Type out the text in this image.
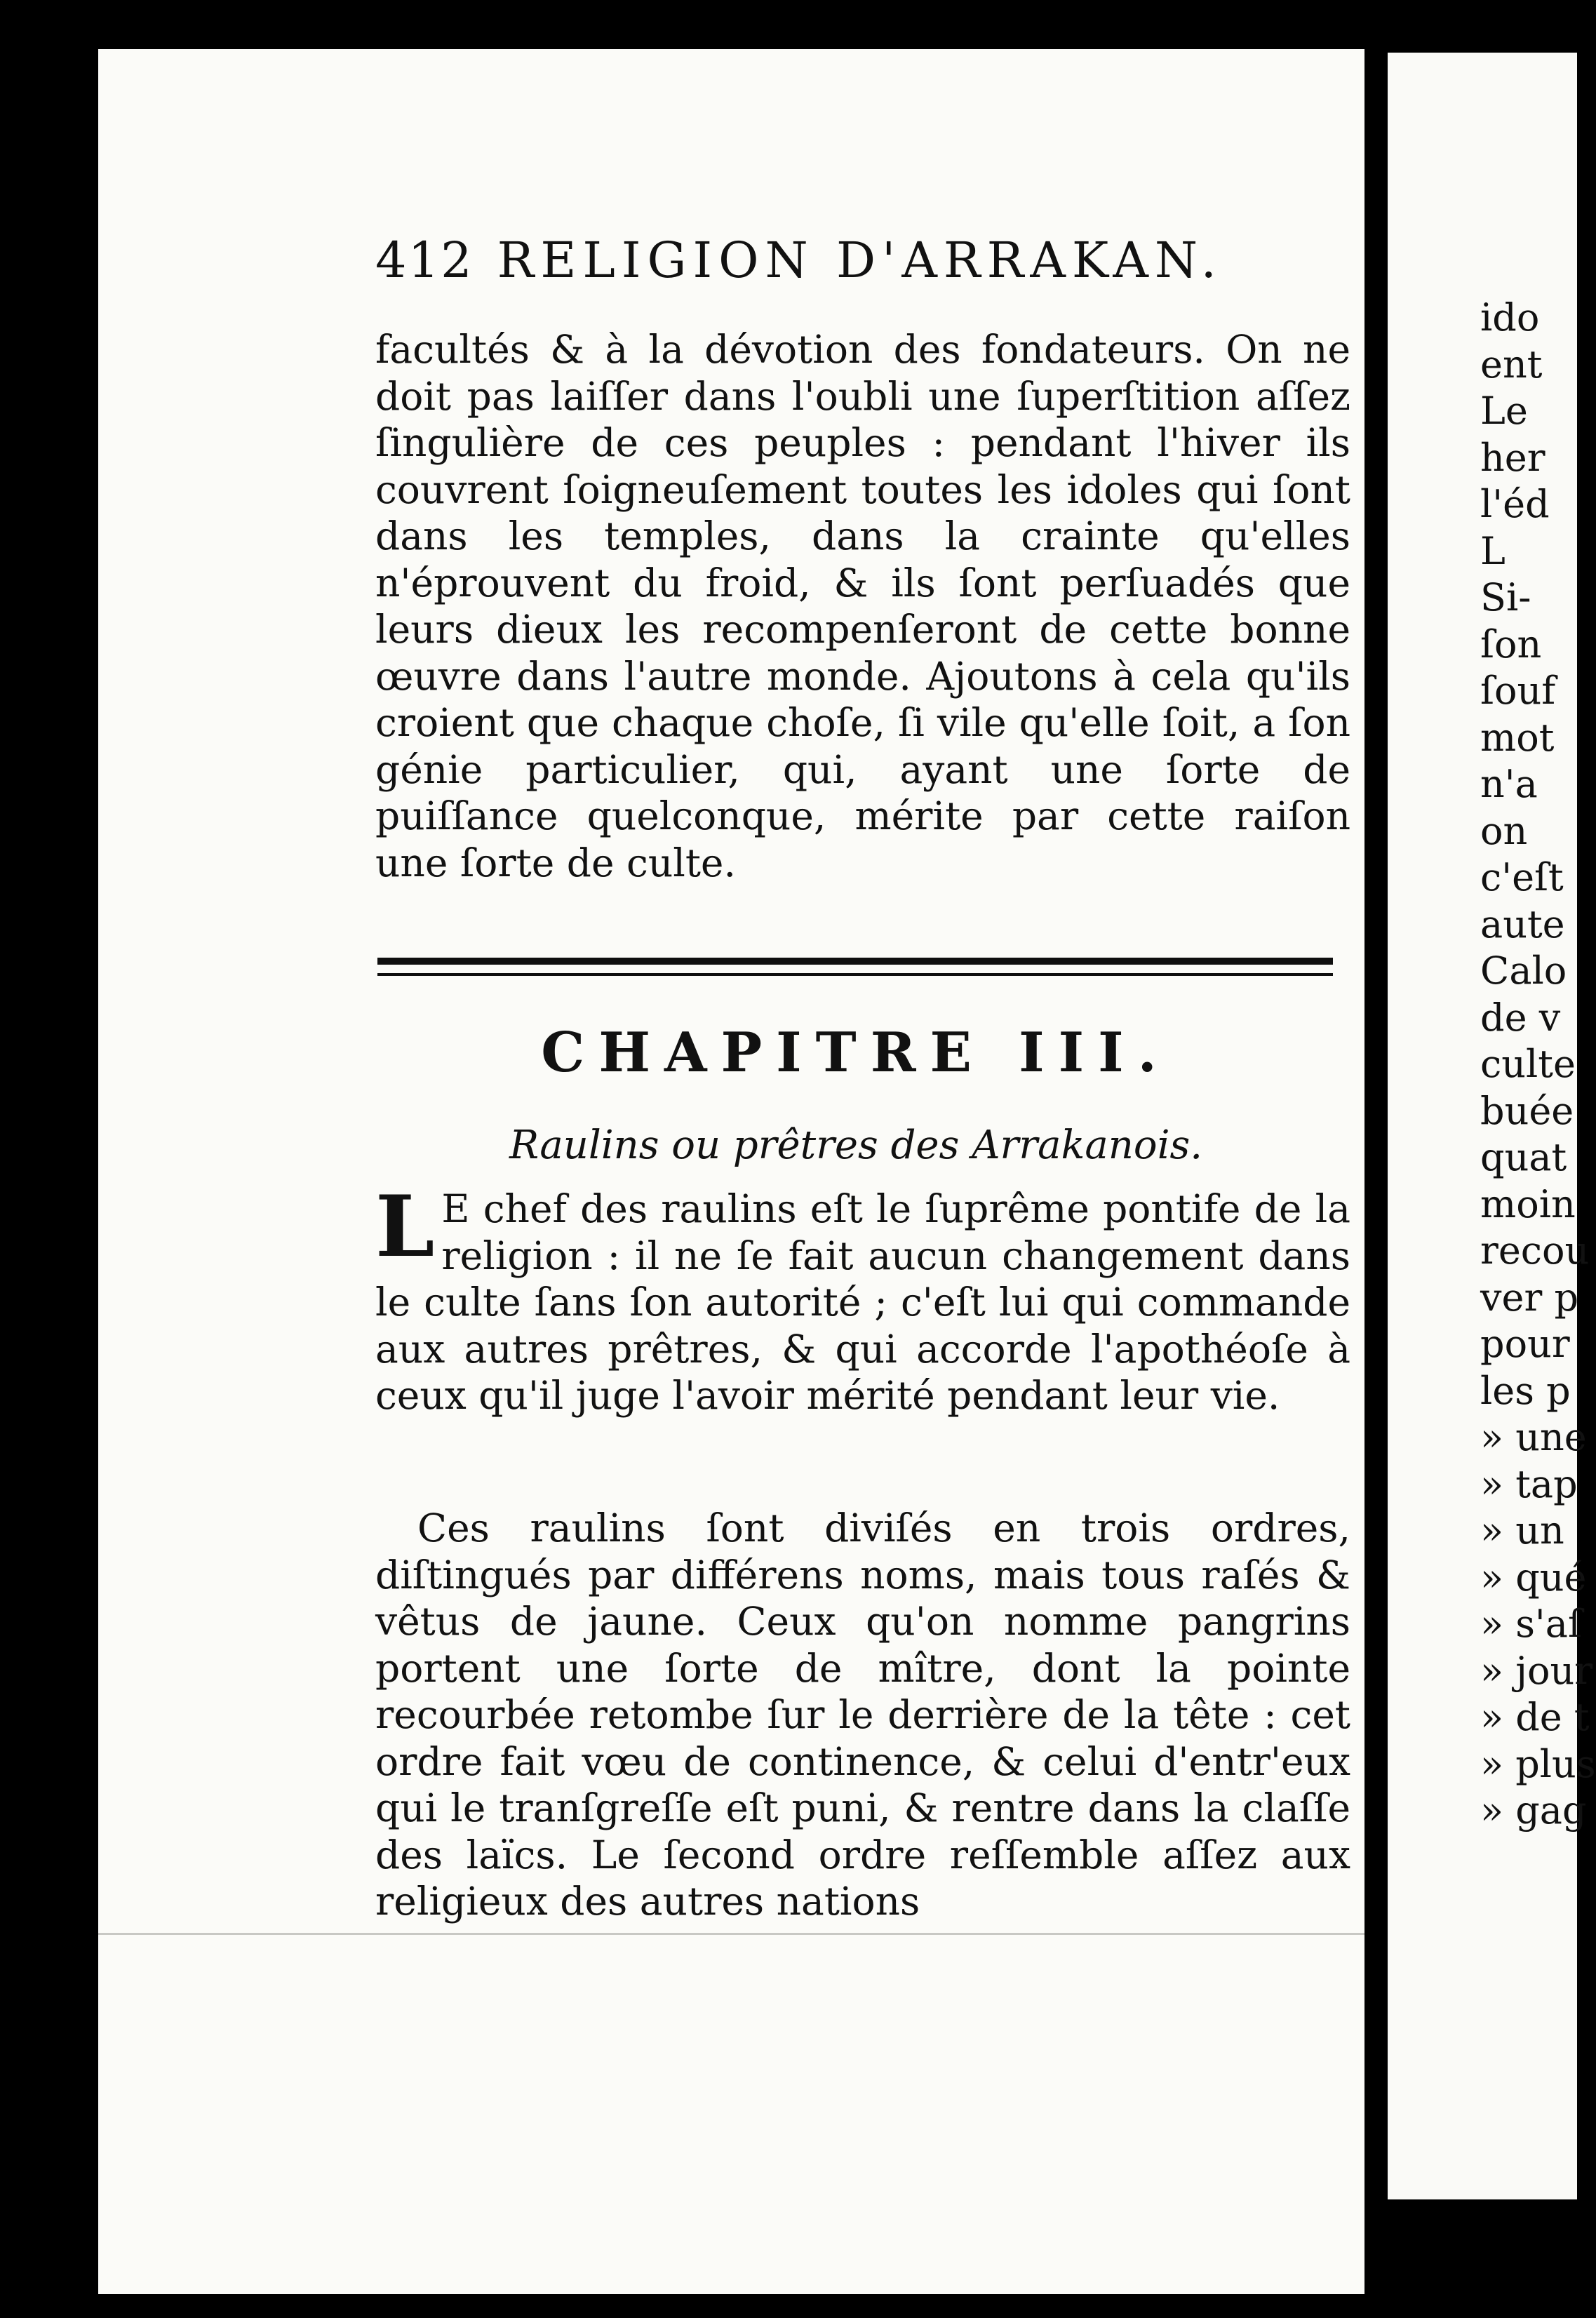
412 RELIGION D'ARRAKAN.

facultés & à la dévotion des fondateurs. On ne doit pas laiſſer dans l'oubli une ſuperſtition aſſez ſingulière de ces peuples : pendant l'hiver ils couvrent ſoigneuſement toutes les idoles qui ſont dans les temples, dans la crainte qu'elles n'éprouvent du froid, & ils ſont perſuadés que leurs dieux les recompenſeront de cette bonne œuvre dans l'autre monde. Ajoutons à cela qu'ils croient que chaque choſe, ſi vile qu'elle ſoit, a ſon génie particulier, qui, ayant une ſorte de puiſſance quelconque, mérite par cette raiſon une ſorte de culte.

CHAPITRE III.
Raulins ou prêtres des Arrakanois.

L E chef des raulins eſt le ſuprême pontife de la religion : il ne ſe fait aucun changement dans le culte ſans ſon autorité ; c'eſt lui qui commande aux autres prêtres, & qui accorde l'apothéoſe à ceux qu'il juge l'avoir mérité pendant leur vie.

Ces raulins ſont diviſés en trois ordres, diſtingués par différens noms, mais tous raſés & vêtus de jaune. Ceux qu'on nomme pangrins portent une ſorte de mître, dont la pointe recourbée retombe ſur le derrière de la tête : cet ordre fait vœu de continence, & celui d'entr'eux qui le tranſgreſſe eſt puni, & rentre dans la claſſe des laïcs. Le ſecond ordre reſſemble aſſez aux religieux des autres nations

ido
ent
Le
her
l'éd
L
Si-
ſon
ſouf
mot
n'a
on
c'eſt
aute
Calo
de v
culte
buée
quat
moin
recou
ver p
pour
les p
» une
» tap
» un
» qué
» s'aſ
» jour
» de t
» plus
» gag
